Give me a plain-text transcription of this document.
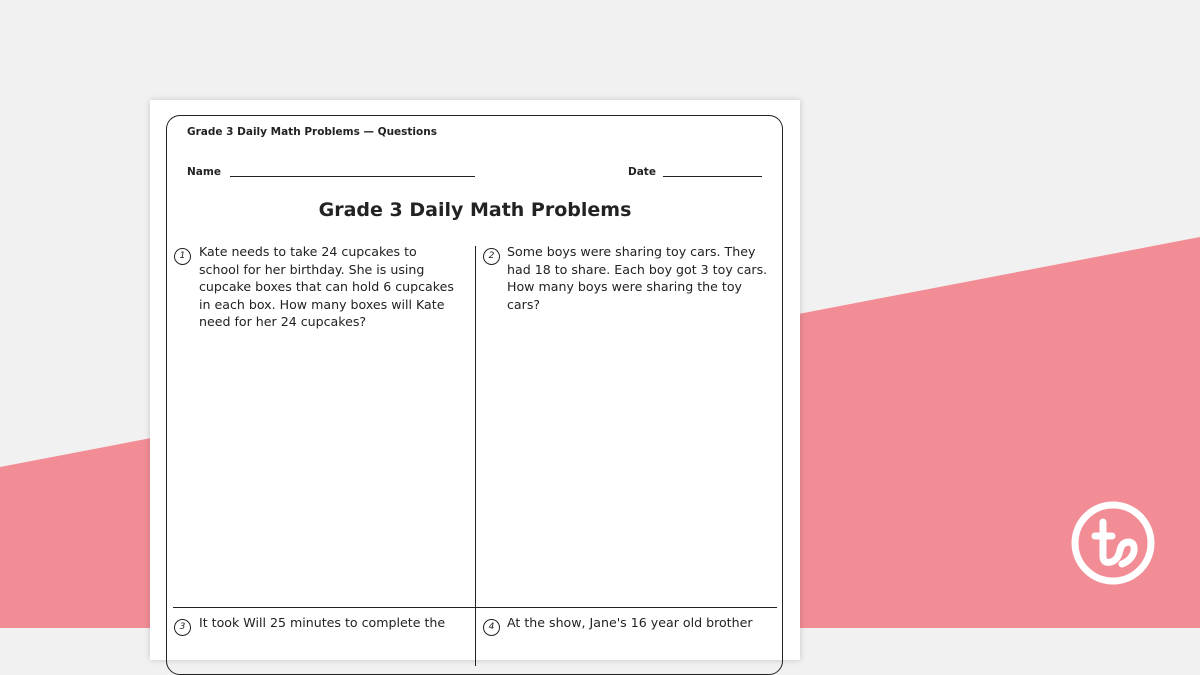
Grade 3 Daily Math Problems — Questions
Name	Date
Grade 3 Daily Math Problems
1	Kate needs to take 24 cupcakes to
school for her birthday. She is using
cupcake boxes that can hold 6 cupcakes
in each box. How many boxes will Kate
need for her 24 cupcakes?
2	Some boys were sharing toy cars. They
had 18 to share. Each boy got 3 toy cars.
How many boys were sharing the toy
cars?
3	It took Will 25 minutes to complete the	4	At the show, Jane's 16 year old brother
